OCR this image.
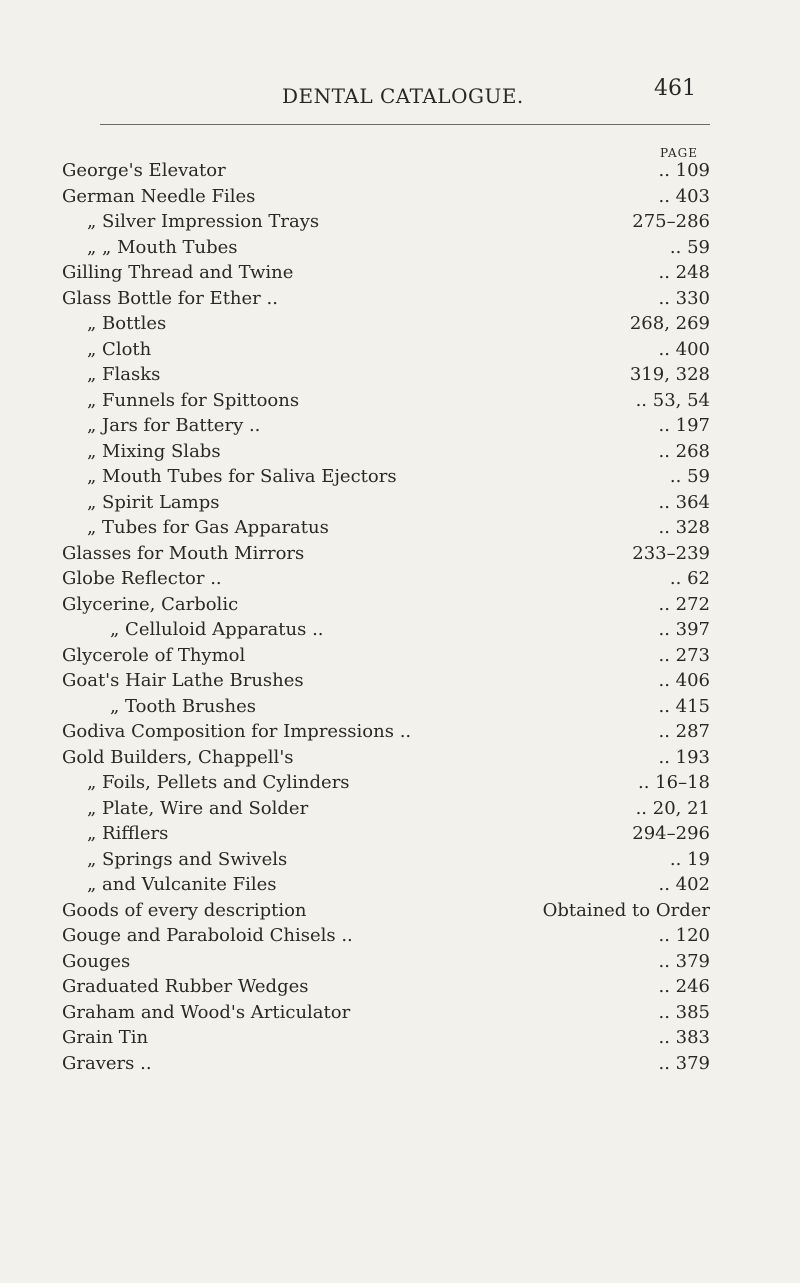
DENTAL CATALOGUE.	461
PAGE
George's Elevator	.. 109
German Needle Files	.. 403
„ Silver Impression Trays	275–286
„ „ Mouth Tubes	.. 59
Gilling Thread and Twine	.. 248
Glass Bottle for Ether ..	.. 330
„ Bottles	268, 269
„ Cloth	.. 400
„ Flasks	319, 328
„ Funnels for Spittoons	.. 53, 54
„ Jars for Battery ..	.. 197
„ Mixing Slabs	.. 268
„ Mouth Tubes for Saliva Ejectors	.. 59
„ Spirit Lamps	.. 364
„ Tubes for Gas Apparatus	.. 328
Glasses for Mouth Mirrors	233–239
Globe Reflector ..	.. 62
Glycerine, Carbolic	.. 272
„ Celluloid Apparatus ..	.. 397
Glycerole of Thymol	.. 273
Goat's Hair Lathe Brushes	.. 406
„ Tooth Brushes	.. 415
Godiva Composition for Impressions ..	.. 287
Gold Builders, Chappell's	.. 193
„ Foils, Pellets and Cylinders	.. 16–18
„ Plate, Wire and Solder	.. 20, 21
„ Rifflers	294–296
„ Springs and Swivels	.. 19
„ and Vulcanite Files	.. 402
Goods of every description	Obtained to Order
Gouge and Paraboloid Chisels ..	.. 120
Gouges	.. 379
Graduated Rubber Wedges	.. 246
Graham and Wood's Articulator	.. 385
Grain Tin	.. 383
Gravers ..	.. 379
